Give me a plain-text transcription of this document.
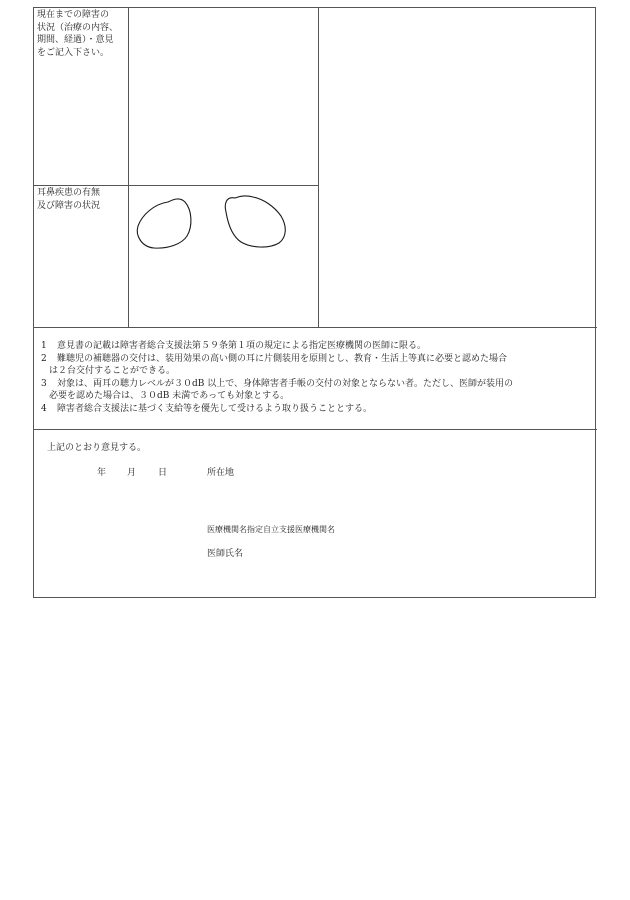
現在までの障害の
状況（治療の内容、
期間、経過）・意見
をご記入下さい。
耳鼻疾患の有無
及び障害の状況
1 意見書の記載は障害者総合支援法第５９条第１項の規定による指定医療機関の医師に限る。
2 難聴児の補聴器の交付は、装用効果の高い側の耳に片側装用を原則とし、教育・生活上等真に必要と認めた場合
は２台交付することができる。
3 対象は、両耳の聴力レベルが３０dB 以上で、身体障害者手帳の交付の対象とならない者。ただし、医師が装用の
必要を認めた場合は、３０dB 未満であっても対象とする。
4 障害者総合支援法に基づく支給等を優先して受けるよう取り扱うこととする。
上記のとおり意見する。
年 月 日	所在地
医療機関名指定自立支援医療機関名
医師氏名
